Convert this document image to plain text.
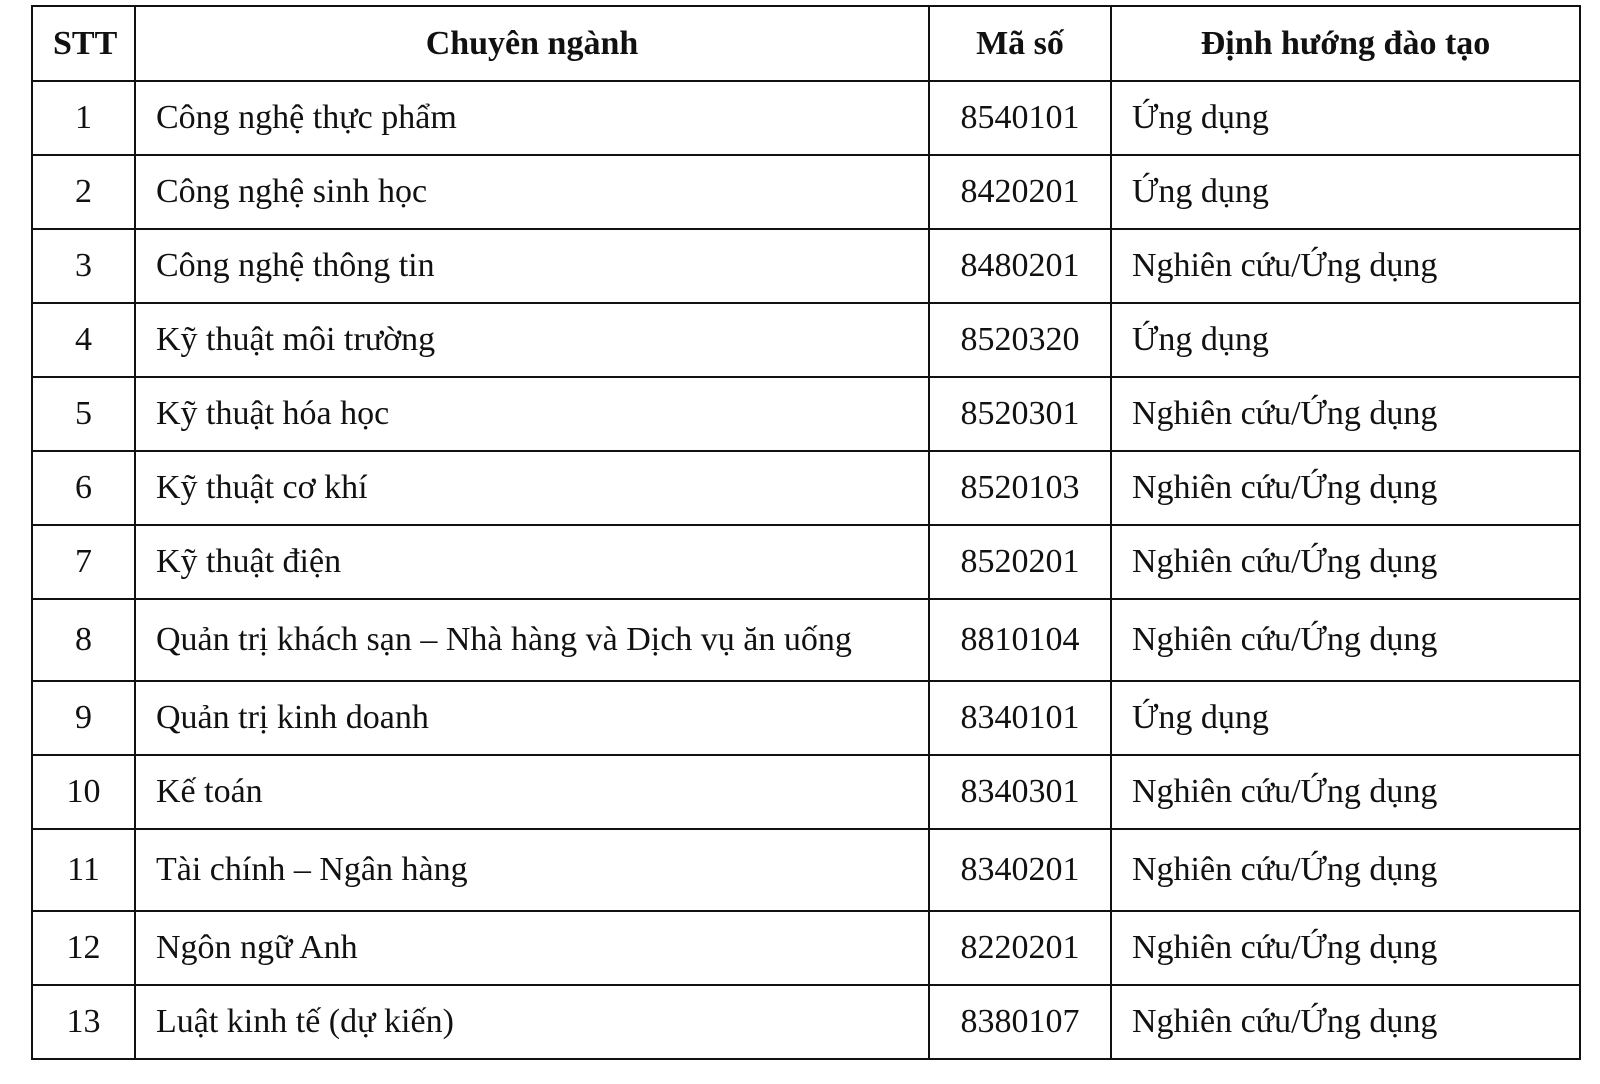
STT	Chuyên ngành	Mã số	Định hướng đào tạo
1	Công nghệ thực phẩm	8540101	Ứng dụng
2	Công nghệ sinh học	8420201	Ứng dụng
3	Công nghệ thông tin	8480201	Nghiên cứu/Ứng dụng
4	Kỹ thuật môi trường	8520320	Ứng dụng
5	Kỹ thuật hóa học	8520301	Nghiên cứu/Ứng dụng
6	Kỹ thuật cơ khí	8520103	Nghiên cứu/Ứng dụng
7	Kỹ thuật điện	8520201	Nghiên cứu/Ứng dụng
8	Quản trị khách sạn – Nhà hàng và Dịch vụ ăn uống	8810104	Nghiên cứu/Ứng dụng
9	Quản trị kinh doanh	8340101	Ứng dụng
10	Kế toán	8340301	Nghiên cứu/Ứng dụng
11	Tài chính – Ngân hàng	8340201	Nghiên cứu/Ứng dụng
12	Ngôn ngữ Anh	8220201	Nghiên cứu/Ứng dụng
13	Luật kinh tế (dự kiến)	8380107	Nghiên cứu/Ứng dụng
